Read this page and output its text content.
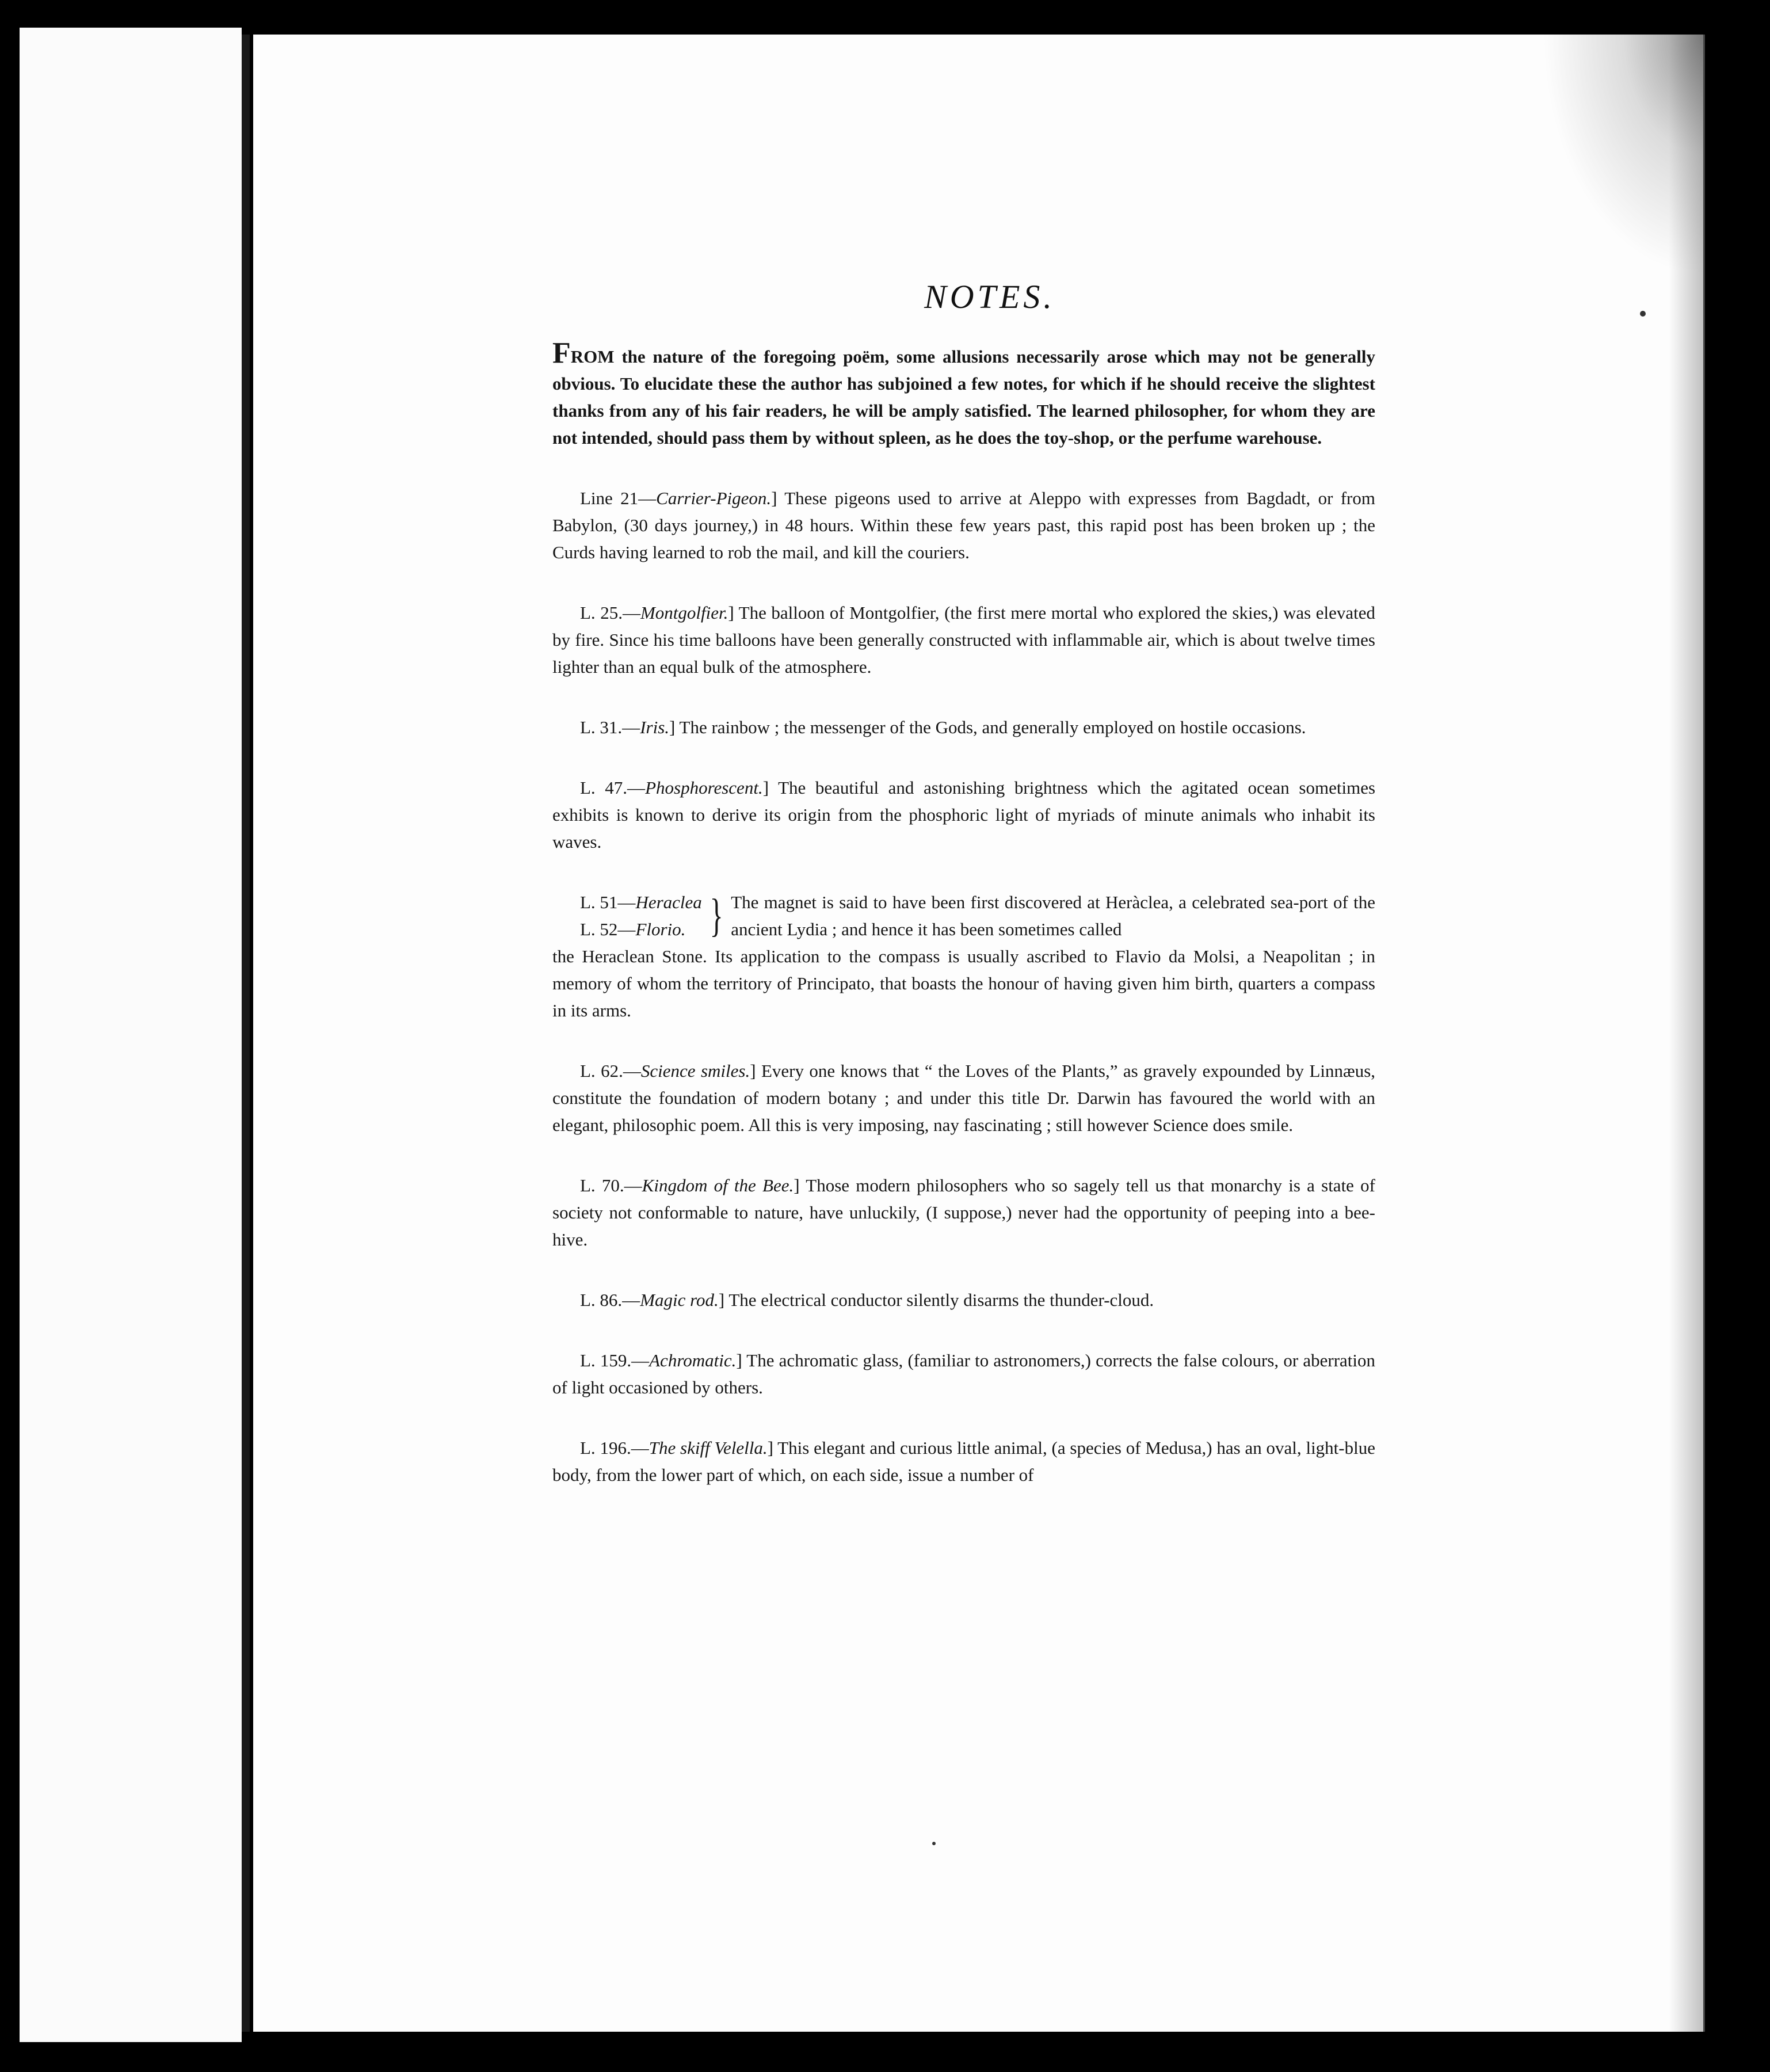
NOTES.

FROM the nature of the foregoing poëm, some allusions necessarily arose which may not be generally obvious. To elucidate these the author has subjoined a few notes, for which if he should receive the slightest thanks from any of his fair readers, he will be amply satisfied. The learned philosopher, for whom they are not intended, should pass them by without spleen, as he does the toy-shop, or the perfume warehouse.

Line 21—Carrier-Pigeon.] These pigeons used to arrive at Aleppo with expresses from Bagdadt, or from Babylon, (30 days journey,) in 48 hours. Within these few years past, this rapid post has been broken up ; the Curds having learned to rob the mail, and kill the couriers.

L. 25.—Montgolfier.] The balloon of Montgolfier, (the first mere mortal who explored the skies,) was elevated by fire. Since his time balloons have been generally constructed with inflammable air, which is about twelve times lighter than an equal bulk of the atmosphere.

L. 31.—Iris.] The rainbow ; the messenger of the Gods, and generally employed on hostile occasions.

L. 47.—Phosphorescent.] The beautiful and astonishing brightness which the agitated ocean sometimes exhibits is known to derive its origin from the phosphoric light of myriads of minute animals who inhabit its waves.

L. 51—Heraclea
L. 52—Florio. } The magnet is said to have been first discovered at Heràclea, a celebrated sea-port of the ancient Lydia ; and hence it has been sometimes called

the Heraclean Stone. Its application to the compass is usually ascribed to Flavio da Molsi, a Neapolitan ; in memory of whom the territory of Principato, that boasts the honour of having given him birth, quarters a compass in its arms.

L. 62.—Science smiles.] Every one knows that “ the Loves of the Plants,” as gravely expounded by Linnæus, constitute the foundation of modern botany ; and under this title Dr. Darwin has favoured the world with an elegant, philosophic poem. All this is very imposing, nay fascinating ; still however Science does smile.

L. 70.—Kingdom of the Bee.] Those modern philosophers who so sagely tell us that monarchy is a state of society not conformable to nature, have unluckily, (I suppose,) never had the opportunity of peeping into a bee-hive.

L. 86.—Magic rod.] The electrical conductor silently disarms the thunder-cloud.

L. 159.—Achromatic.] The achromatic glass, (familiar to astronomers,) corrects the false colours, or aberration of light occasioned by others.

L. 196.—The skiff Velella.] This elegant and curious little animal, (a species of Medusa,) has an oval, light-blue body, from the lower part of which, on each side, issue a number of
